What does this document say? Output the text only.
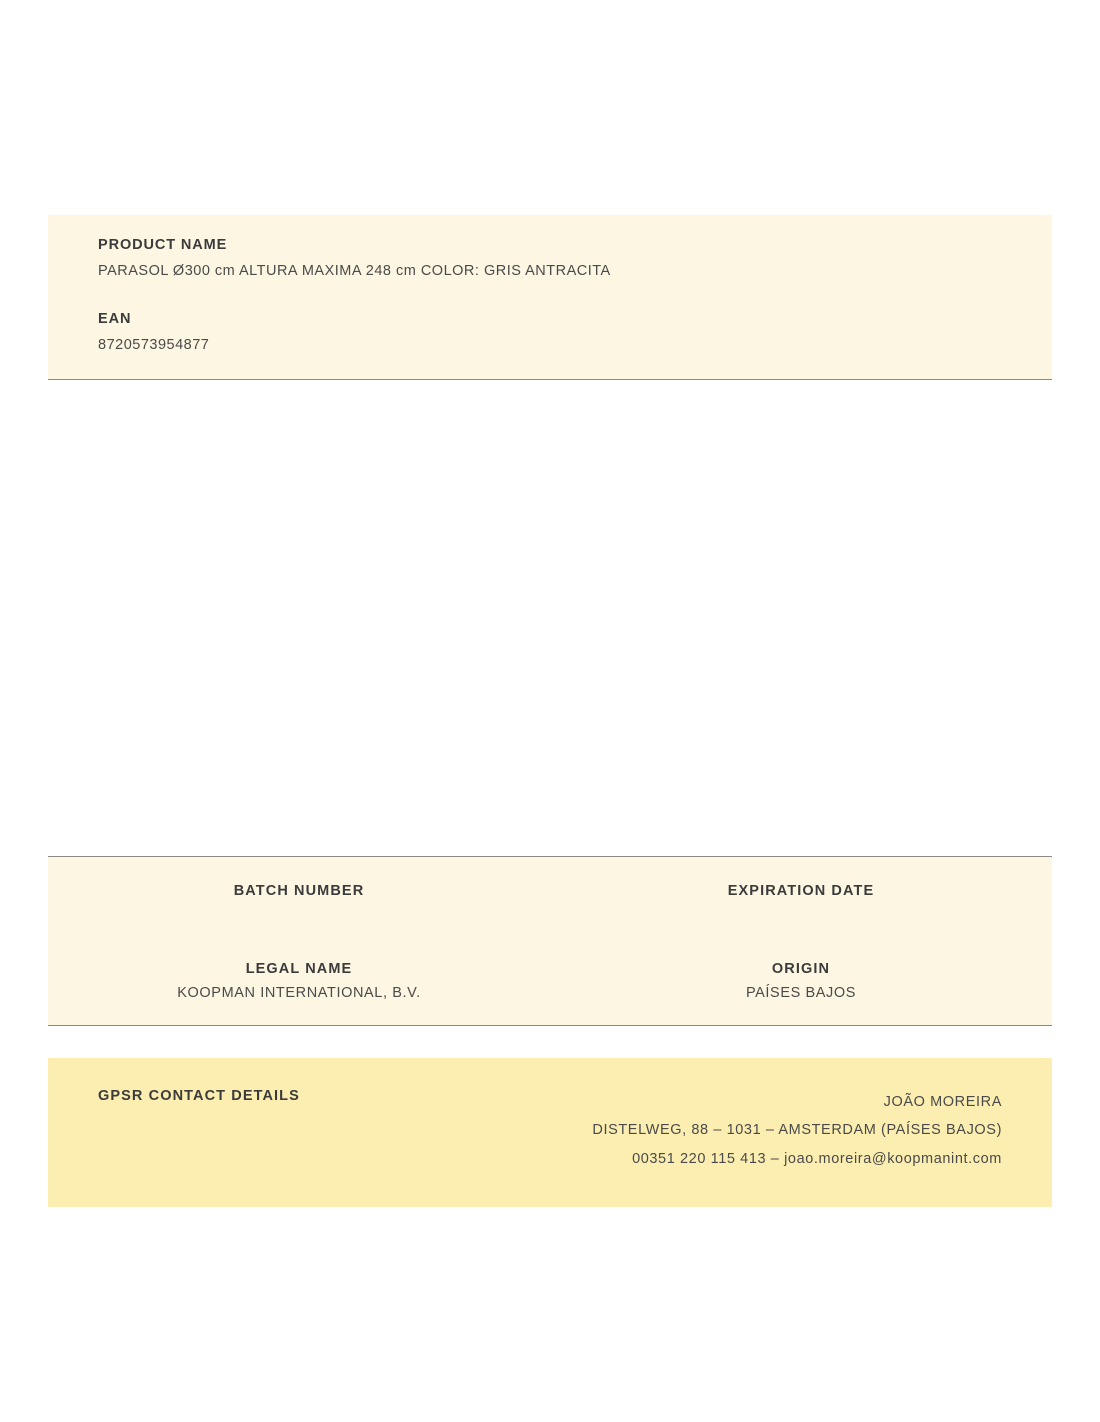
PRODUCT NAME

PARASOL Ø300 cm ALTURA MAXIMA 248 cm COLOR: GRIS ANTRACITA

EAN

8720573954877

BATCH NUMBER	EXPIRATION DATE

LEGAL NAME

KOOPMAN INTERNATIONAL, B.V.

ORIGIN

PAÍSES BAJOS

GPSR CONTACT DETAILS	JOÃO MOREIRA
DISTELWEG, 88 – 1031 – AMSTERDAM (PAÍSES BAJOS)
00351 220 115 413 – joao.moreira@koopmanint.com
